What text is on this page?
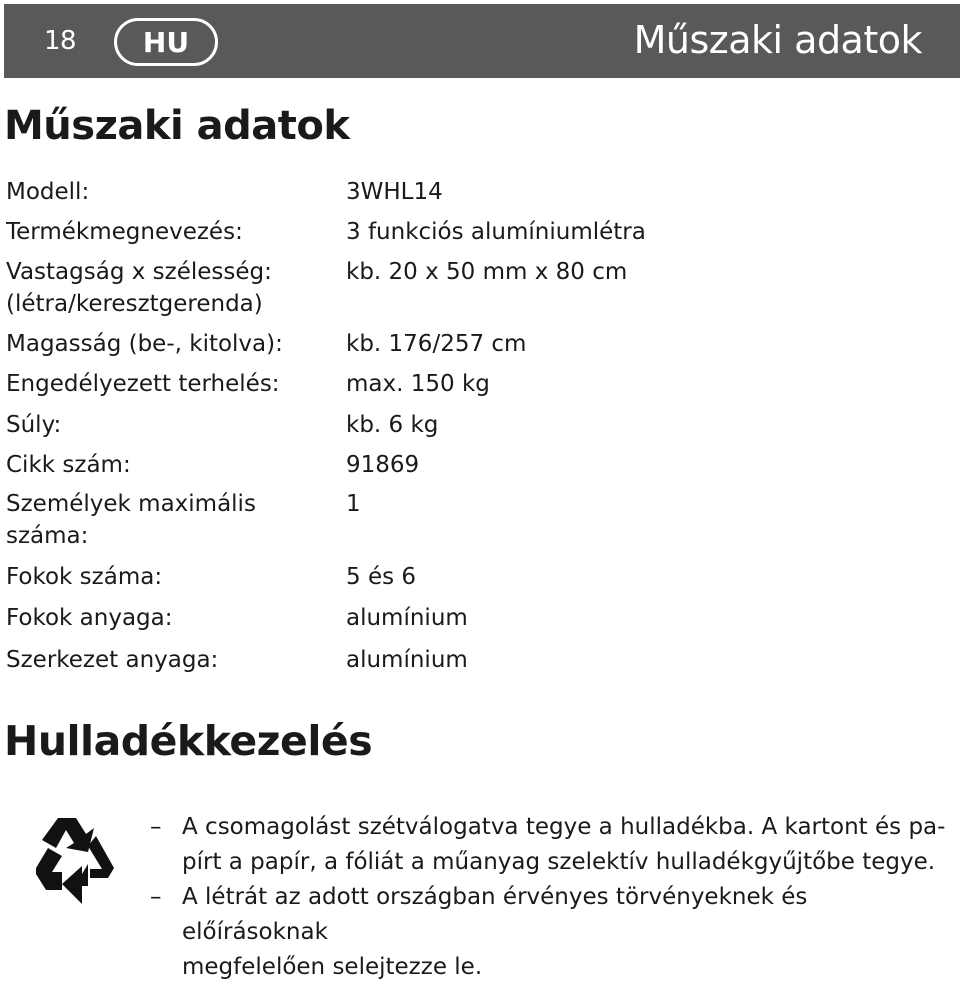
18	HU	Műszaki adatok
Műszaki adatok
Modell:	3WHL14
Termékmegnevezés:	3 funkciós alumíniumlétra
Vastagság x szélesség:	kb. 20 x 50 mm x 80 cm
(létra/keresztgerenda)
Magasság (be-, kitolva):	kb. 176/257 cm
Engedélyezett terhelés:	max. 150 kg
Súly:	kb. 6 kg
Cikk szám:	91869
Személyek maximális	1
száma:
Fokok száma:	5 és 6
Fokok anyaga:	alumínium
Szerkezet anyaga:	alumínium
Hulladékkezelés
– A csomagolást szétválogatva tegye a hulladékba. A kartont és pa-
pírt a papír, a fóliát a műanyag szelektív hulladékgyűjtőbe tegye.
– A létrát az adott országban érvényes törvényeknek és előírásoknak
megfelelően selejtezze le.
